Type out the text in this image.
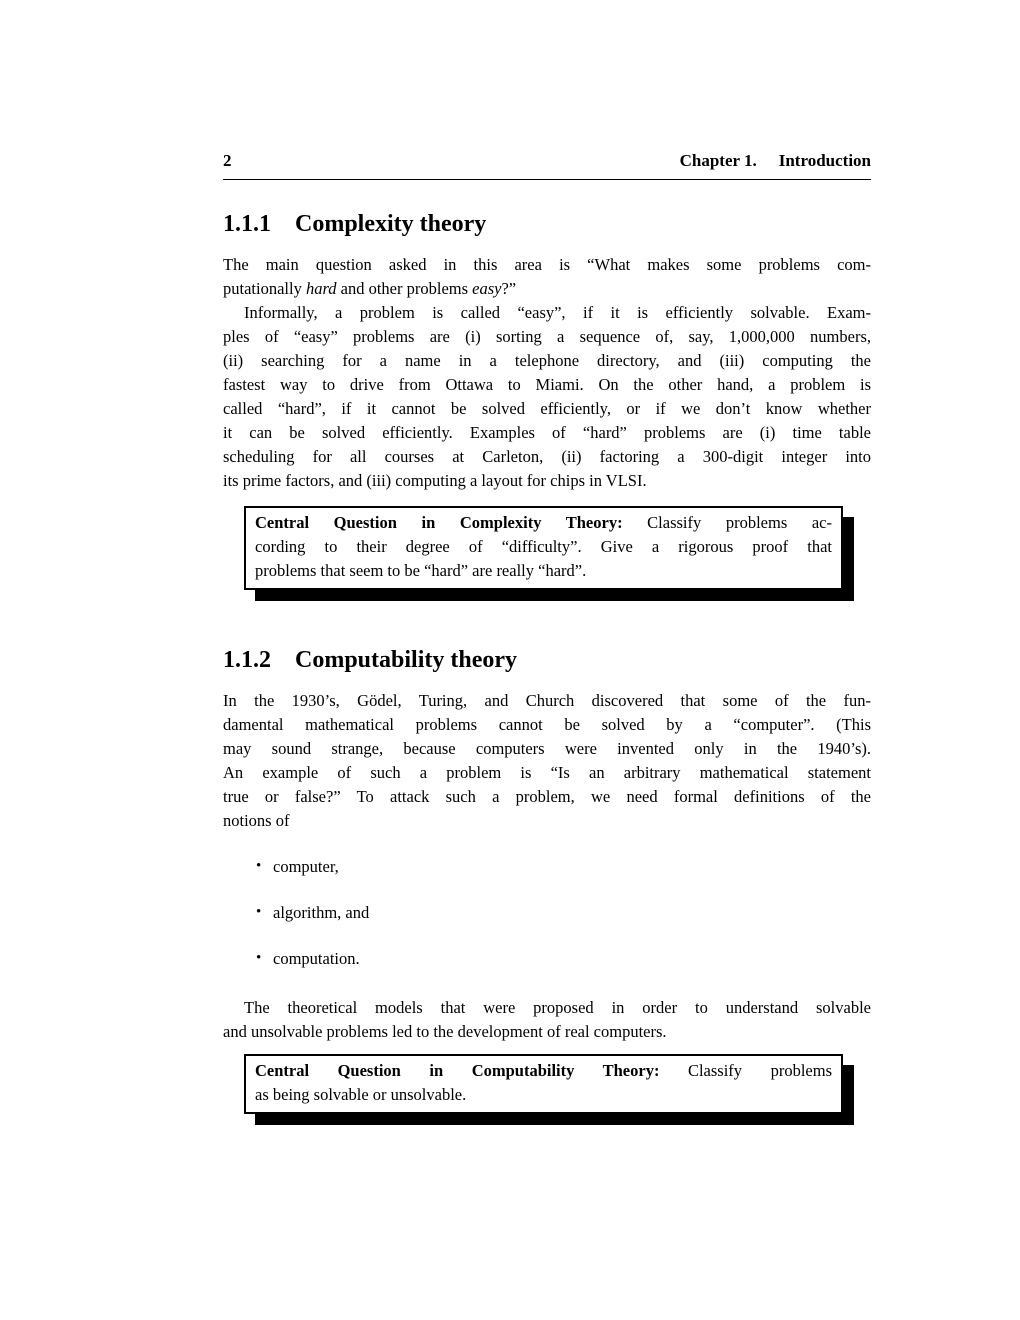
2	Chapter 1. Introduction
1.1.1 Complexity theory
The main question asked in this area is “What makes some problems com-
putationally hard and other problems easy?”
Informally, a problem is called “easy”, if it is efficiently solvable. Exam-
ples of “easy” problems are (i) sorting a sequence of, say, 1,000,000 numbers,
(ii) searching for a name in a telephone directory, and (iii) computing the
fastest way to drive from Ottawa to Miami. On the other hand, a problem is
called “hard”, if it cannot be solved efficiently, or if we don’t know whether
it can be solved efficiently. Examples of “hard” problems are (i) time table
scheduling for all courses at Carleton, (ii) factoring a 300-digit integer into
its prime factors, and (iii) computing a layout for chips in VLSI.
Central Question in Complexity Theory: Classify problems ac-
cording to their degree of “difficulty”. Give a rigorous proof that
problems that seem to be “hard” are really “hard”.
1.1.2 Computability theory
In the 1930’s, Gödel, Turing, and Church discovered that some of the fun-
damental mathematical problems cannot be solved by a “computer”. (This
may sound strange, because computers were invented only in the 1940’s).
An example of such a problem is “Is an arbitrary mathematical statement
true or false?” To attack such a problem, we need formal definitions of the
notions of
• computer,
• algorithm, and
• computation.
The theoretical models that were proposed in order to understand solvable
and unsolvable problems led to the development of real computers.
Central Question in Computability Theory: Classify problems
as being solvable or unsolvable.
